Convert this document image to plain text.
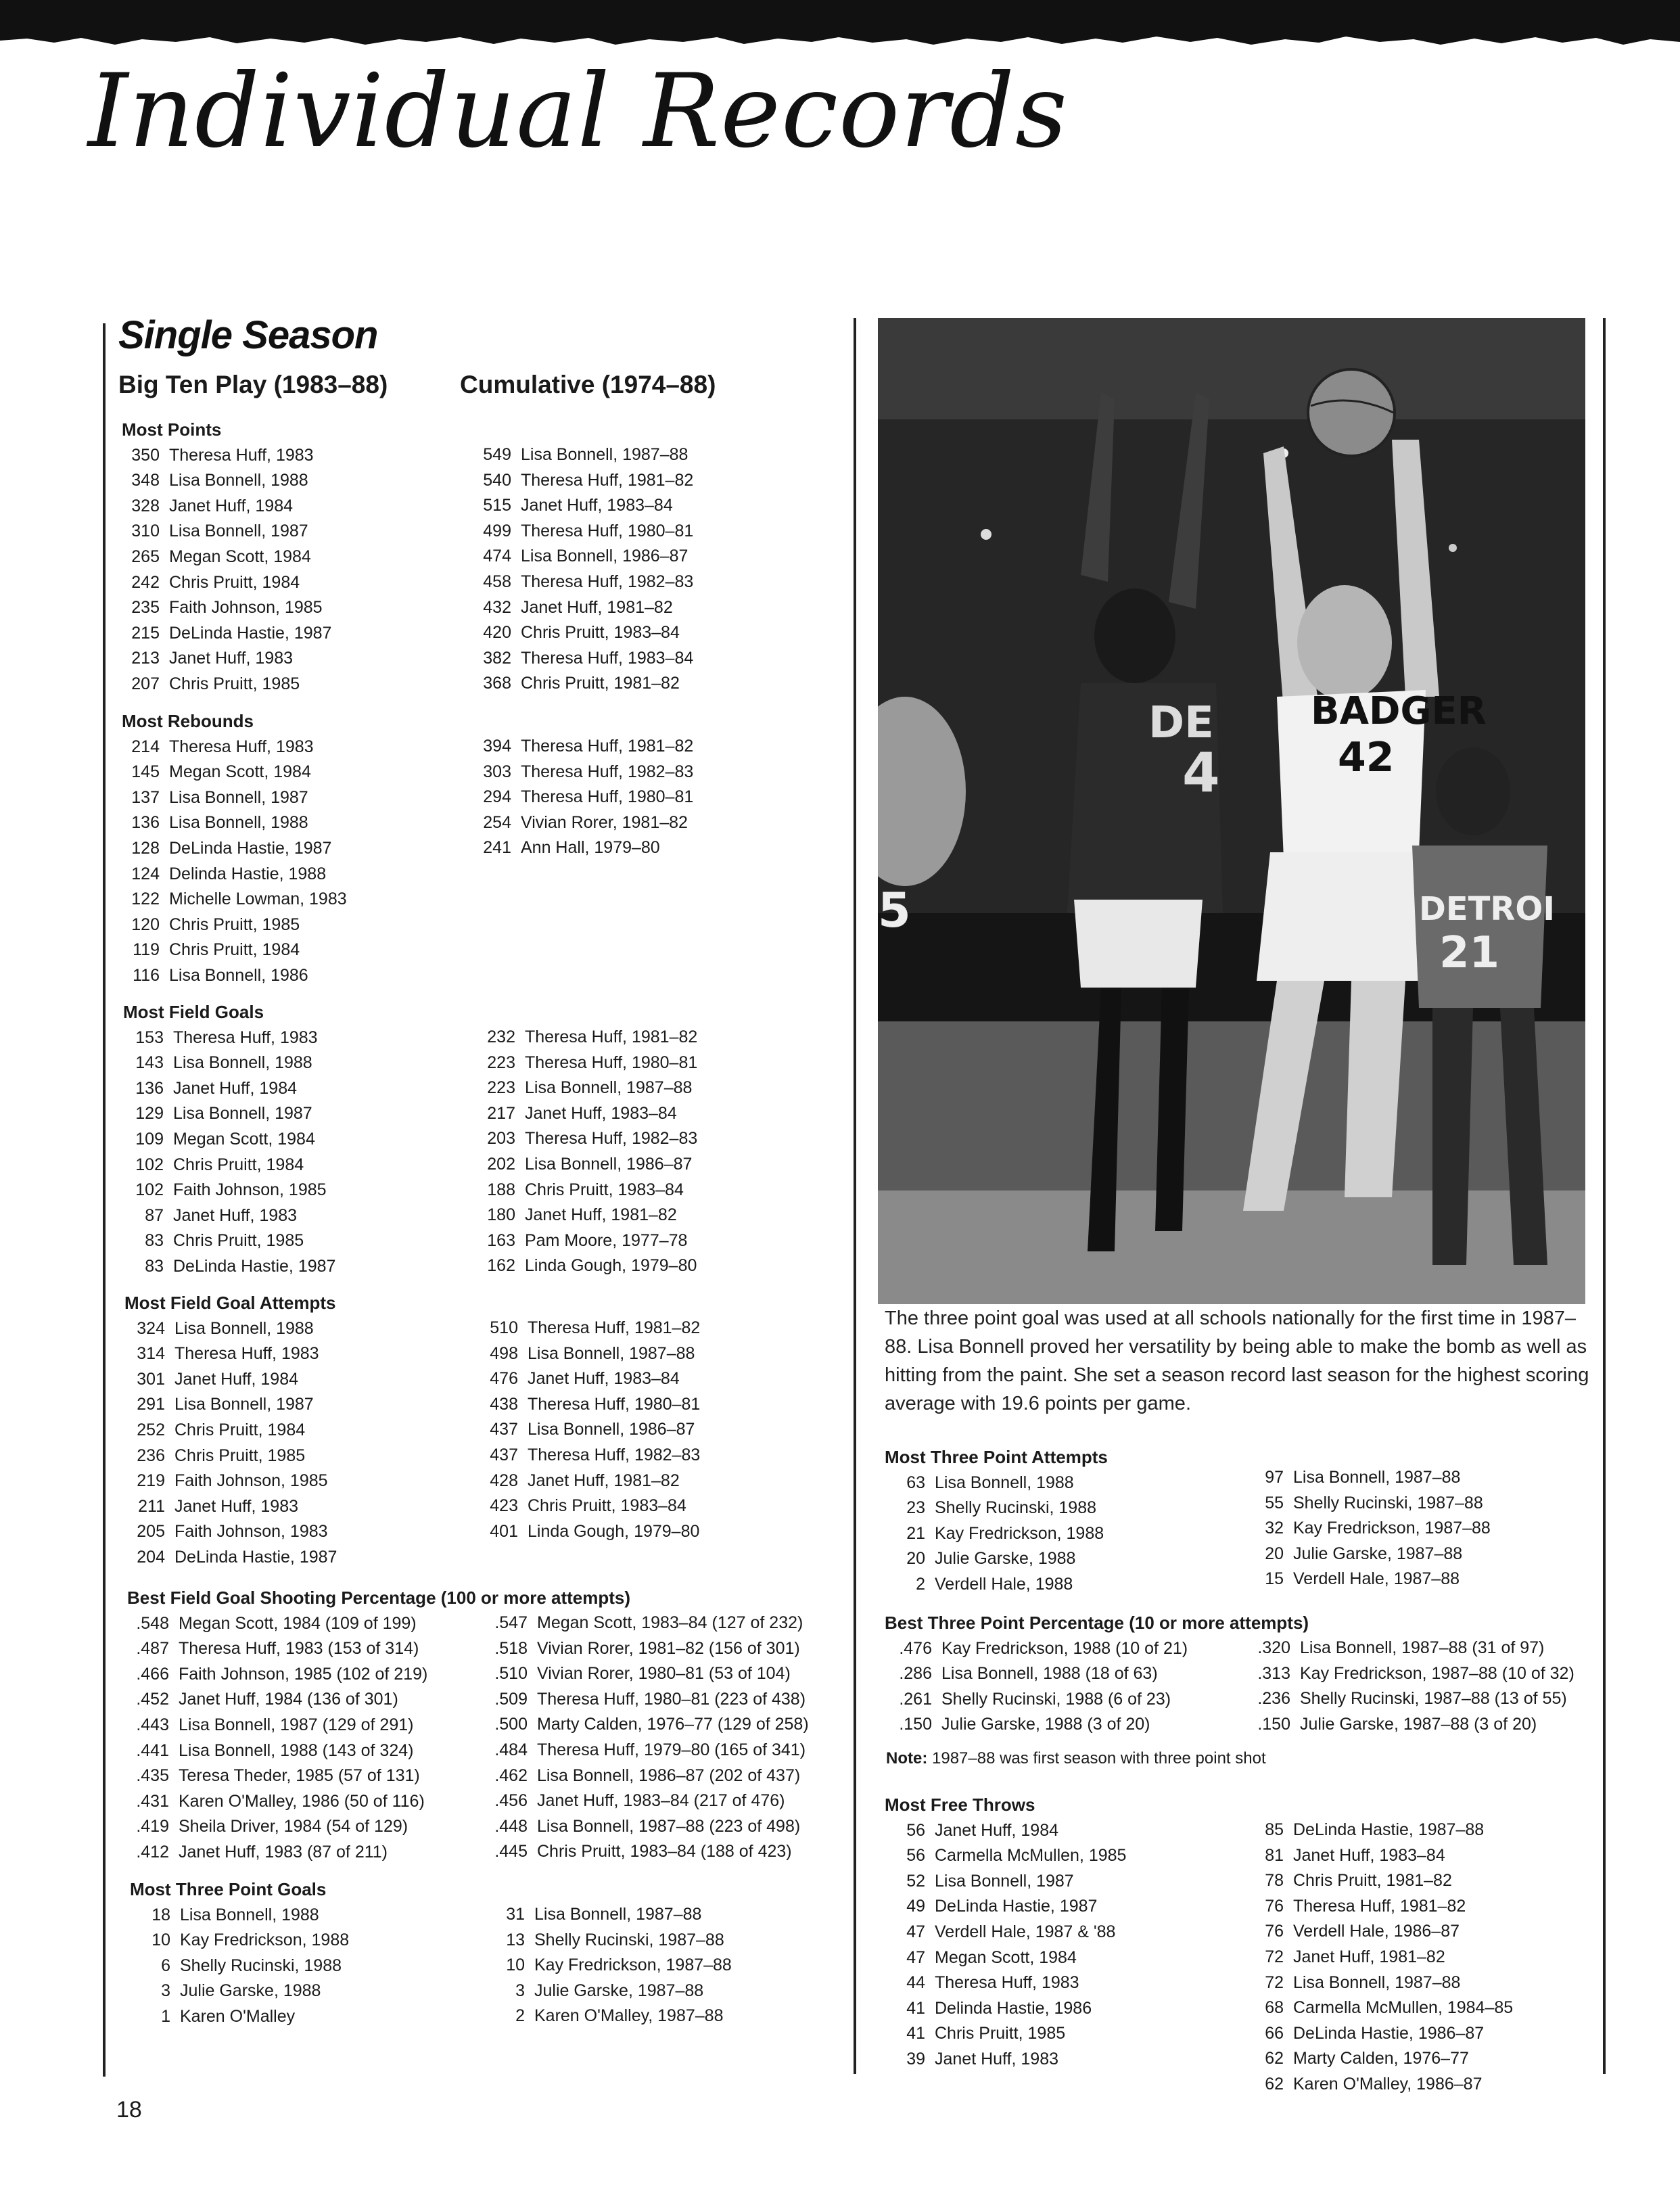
Individual Records
Single Season
Big Ten Play (1983–88)	Cumulative (1974–88)
Most Points
350 Theresa Huff, 1983
348 Lisa Bonnell, 1988
328 Janet Huff, 1984
310 Lisa Bonnell, 1987
265 Megan Scott, 1984
242 Chris Pruitt, 1984
235 Faith Johnson, 1985
215 DeLinda Hastie, 1987
213 Janet Huff, 1983
207 Chris Pruitt, 1985
549 Lisa Bonnell, 1987–88
540 Theresa Huff, 1981–82
515 Janet Huff, 1983–84
499 Theresa Huff, 1980–81
474 Lisa Bonnell, 1986–87
458 Theresa Huff, 1982–83
432 Janet Huff, 1981–82
420 Chris Pruitt, 1983–84
382 Theresa Huff, 1983–84
368 Chris Pruitt, 1981–82
Most Rebounds
214 Theresa Huff, 1983
145 Megan Scott, 1984
137 Lisa Bonnell, 1987
136 Lisa Bonnell, 1988
128 DeLinda Hastie, 1987
124 Delinda Hastie, 1988
122 Michelle Lowman, 1983
120 Chris Pruitt, 1985
119 Chris Pruitt, 1984
116 Lisa Bonnell, 1986
394 Theresa Huff, 1981–82
303 Theresa Huff, 1982–83
294 Theresa Huff, 1980–81
254 Vivian Rorer, 1981–82
241 Ann Hall, 1979–80
Most Field Goals
153 Theresa Huff, 1983
143 Lisa Bonnell, 1988
136 Janet Huff, 1984
129 Lisa Bonnell, 1987
109 Megan Scott, 1984
102 Chris Pruitt, 1984
102 Faith Johnson, 1985
87 Janet Huff, 1983
83 Chris Pruitt, 1985
83 DeLinda Hastie, 1987
232 Theresa Huff, 1981–82
223 Theresa Huff, 1980–81
223 Lisa Bonnell, 1987–88
217 Janet Huff, 1983–84
203 Theresa Huff, 1982–83
202 Lisa Bonnell, 1986–87
188 Chris Pruitt, 1983–84
180 Janet Huff, 1981–82
163 Pam Moore, 1977–78
162 Linda Gough, 1979–80
Most Field Goal Attempts
324 Lisa Bonnell, 1988
314 Theresa Huff, 1983
301 Janet Huff, 1984
291 Lisa Bonnell, 1987
252 Chris Pruitt, 1984
236 Chris Pruitt, 1985
219 Faith Johnson, 1985
211 Janet Huff, 1983
205 Faith Johnson, 1983
204 DeLinda Hastie, 1987
510 Theresa Huff, 1981–82
498 Lisa Bonnell, 1987–88
476 Janet Huff, 1983–84
438 Theresa Huff, 1980–81
437 Lisa Bonnell, 1986–87
437 Theresa Huff, 1982–83
428 Janet Huff, 1981–82
423 Chris Pruitt, 1983–84
401 Linda Gough, 1979–80
Best Field Goal Shooting Percentage (100 or more attempts)
.548 Megan Scott, 1984 (109 of 199)
.487 Theresa Huff, 1983 (153 of 314)
.466 Faith Johnson, 1985 (102 of 219)
.452 Janet Huff, 1984 (136 of 301)
.443 Lisa Bonnell, 1987 (129 of 291)
.441 Lisa Bonnell, 1988 (143 of 324)
.435 Teresa Theder, 1985 (57 of 131)
.431 Karen O'Malley, 1986 (50 of 116)
.419 Sheila Driver, 1984 (54 of 129)
.412 Janet Huff, 1983 (87 of 211)
.547 Megan Scott, 1983–84 (127 of 232)
.518 Vivian Rorer, 1981–82 (156 of 301)
.510 Vivian Rorer, 1980–81 (53 of 104)
.509 Theresa Huff, 1980–81 (223 of 438)
.500 Marty Calden, 1976–77 (129 of 258)
.484 Theresa Huff, 1979–80 (165 of 341)
.462 Lisa Bonnell, 1986–87 (202 of 437)
.456 Janet Huff, 1983–84 (217 of 476)
.448 Lisa Bonnell, 1987–88 (223 of 498)
.445 Chris Pruitt, 1983–84 (188 of 423)
Most Three Point Goals
18 Lisa Bonnell, 1988
10 Kay Fredrickson, 1988
6 Shelly Rucinski, 1988
3 Julie Garske, 1988
1 Karen O'Malley
31 Lisa Bonnell, 1987–88
13 Shelly Rucinski, 1987–88
10 Kay Fredrickson, 1987–88
3 Julie Garske, 1987–88
2 Karen O'Malley, 1987–88
DE
4
BADGER
42
DETROI
21
5
The three point goal was used at all schools nationally for the first time in 1987–88. Lisa Bonnell proved her versatility by being able to make the bomb as well as hitting from the paint. She set a season record last season for the highest scoring average with 19.6 points per game.
Most Three Point Attempts
63 Lisa Bonnell, 1988
23 Shelly Rucinski, 1988
21 Kay Fredrickson, 1988
20 Julie Garske, 1988
2 Verdell Hale, 1988
97 Lisa Bonnell, 1987–88
55 Shelly Rucinski, 1987–88
32 Kay Fredrickson, 1987–88
20 Julie Garske, 1987–88
15 Verdell Hale, 1987–88
Best Three Point Percentage (10 or more attempts)
.476 Kay Fredrickson, 1988 (10 of 21)
.286 Lisa Bonnell, 1988 (18 of 63)
.261 Shelly Rucinski, 1988 (6 of 23)
.150 Julie Garske, 1988 (3 of 20)
.320 Lisa Bonnell, 1987–88 (31 of 97)
.313 Kay Fredrickson, 1987–88 (10 of 32)
.236 Shelly Rucinski, 1987–88 (13 of 55)
.150 Julie Garske, 1987–88 (3 of 20)
Note: 1987–88 was first season with three point shot
Most Free Throws
56 Janet Huff, 1984
56 Carmella McMullen, 1985
52 Lisa Bonnell, 1987
49 DeLinda Hastie, 1987
47 Verdell Hale, 1987 & '88
47 Megan Scott, 1984
44 Theresa Huff, 1983
41 Delinda Hastie, 1986
41 Chris Pruitt, 1985
39 Janet Huff, 1983
85 DeLinda Hastie, 1987–88
81 Janet Huff, 1983–84
78 Chris Pruitt, 1981–82
76 Theresa Huff, 1981–82
76 Verdell Hale, 1986–87
72 Janet Huff, 1981–82
72 Lisa Bonnell, 1987–88
68 Carmella McMullen, 1984–85
66 DeLinda Hastie, 1986–87
62 Marty Calden, 1976–77
62 Karen O'Malley, 1986–87
18
